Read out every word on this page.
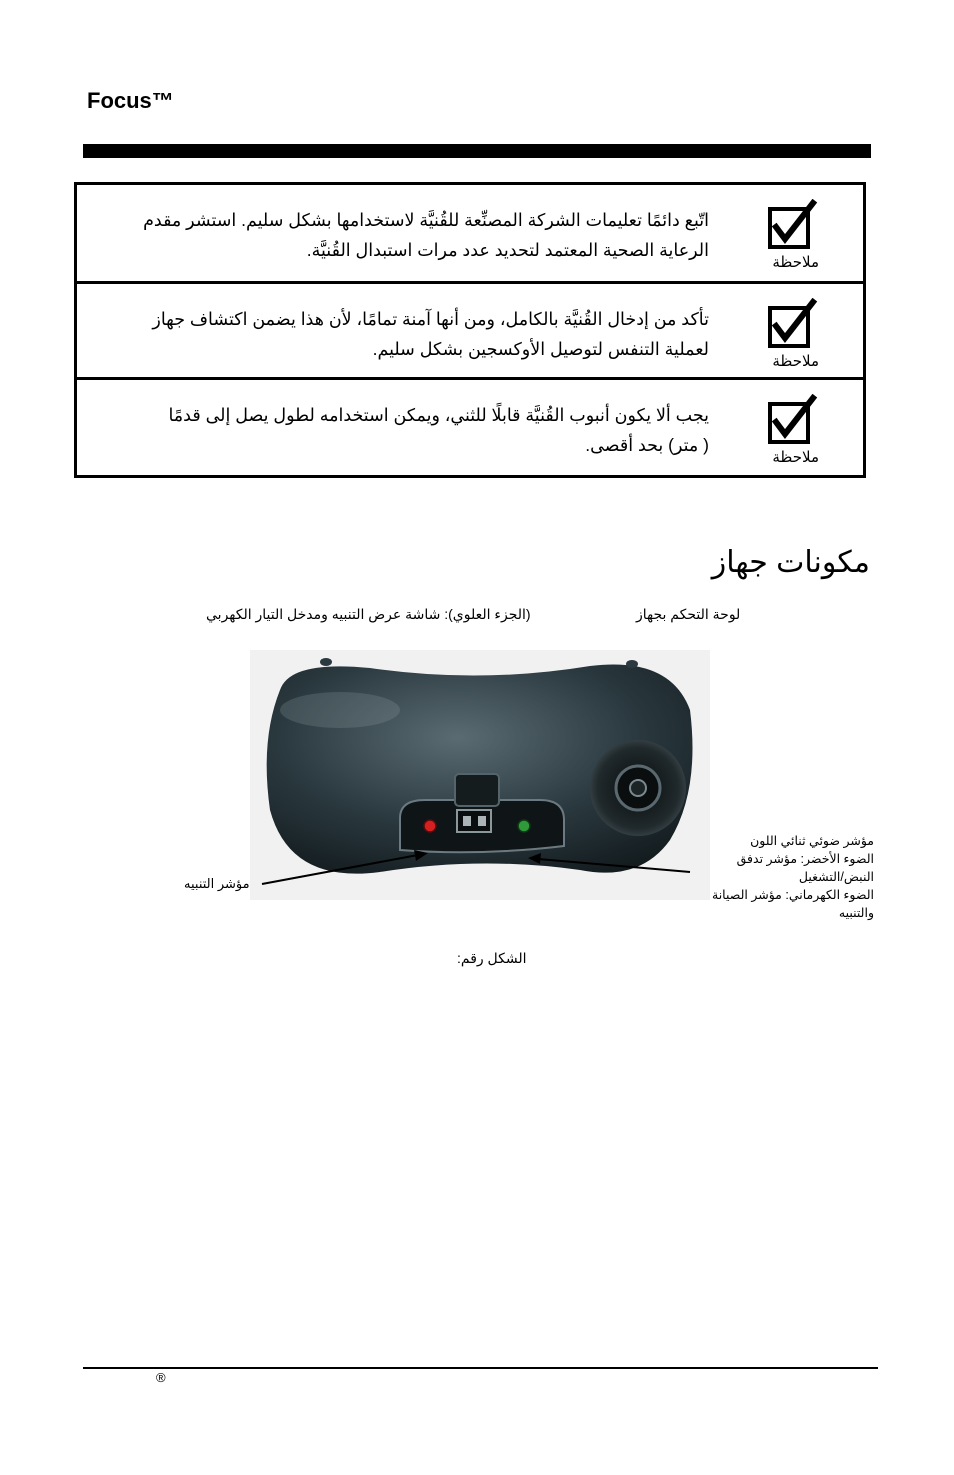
Focus™
اتّبع دائمًا تعليمات الشركة المصنِّعة للقُنيَّة لاستخدامها بشكل سليم. استشر مقدم
الرعاية الصحية المعتمد لتحديد عدد مرات استبدال القُنيَّة.
ملاحظة
تأكد من إدخال القُنيَّة بالكامل، ومن أنها آمنة تمامًا، لأن هذا يضمن اكتشاف جهاز
لعملية التنفس لتوصيل الأوكسجين بشكل سليم.
ملاحظة
يجب ألا يكون أنبوب القُنيَّة قابلًا للثني، ويمكن استخدامه لطول يصل إلى قدمًا
( متر) بحد أقصى.
ملاحظة
مكونات جهاز
لوحة التحكم بجهاز
(الجزء العلوي): شاشة عرض التنبيه ومدخل التيار الكهربي
مؤشر ضوئي ثنائي اللون
الضوء الأخضر: مؤشر تدفق
النبض/التشغيل
الضوء الكهرماني: مؤشر الصيانة
والتنبيه
مؤشر التنبيه
الشكل رقم:
®
